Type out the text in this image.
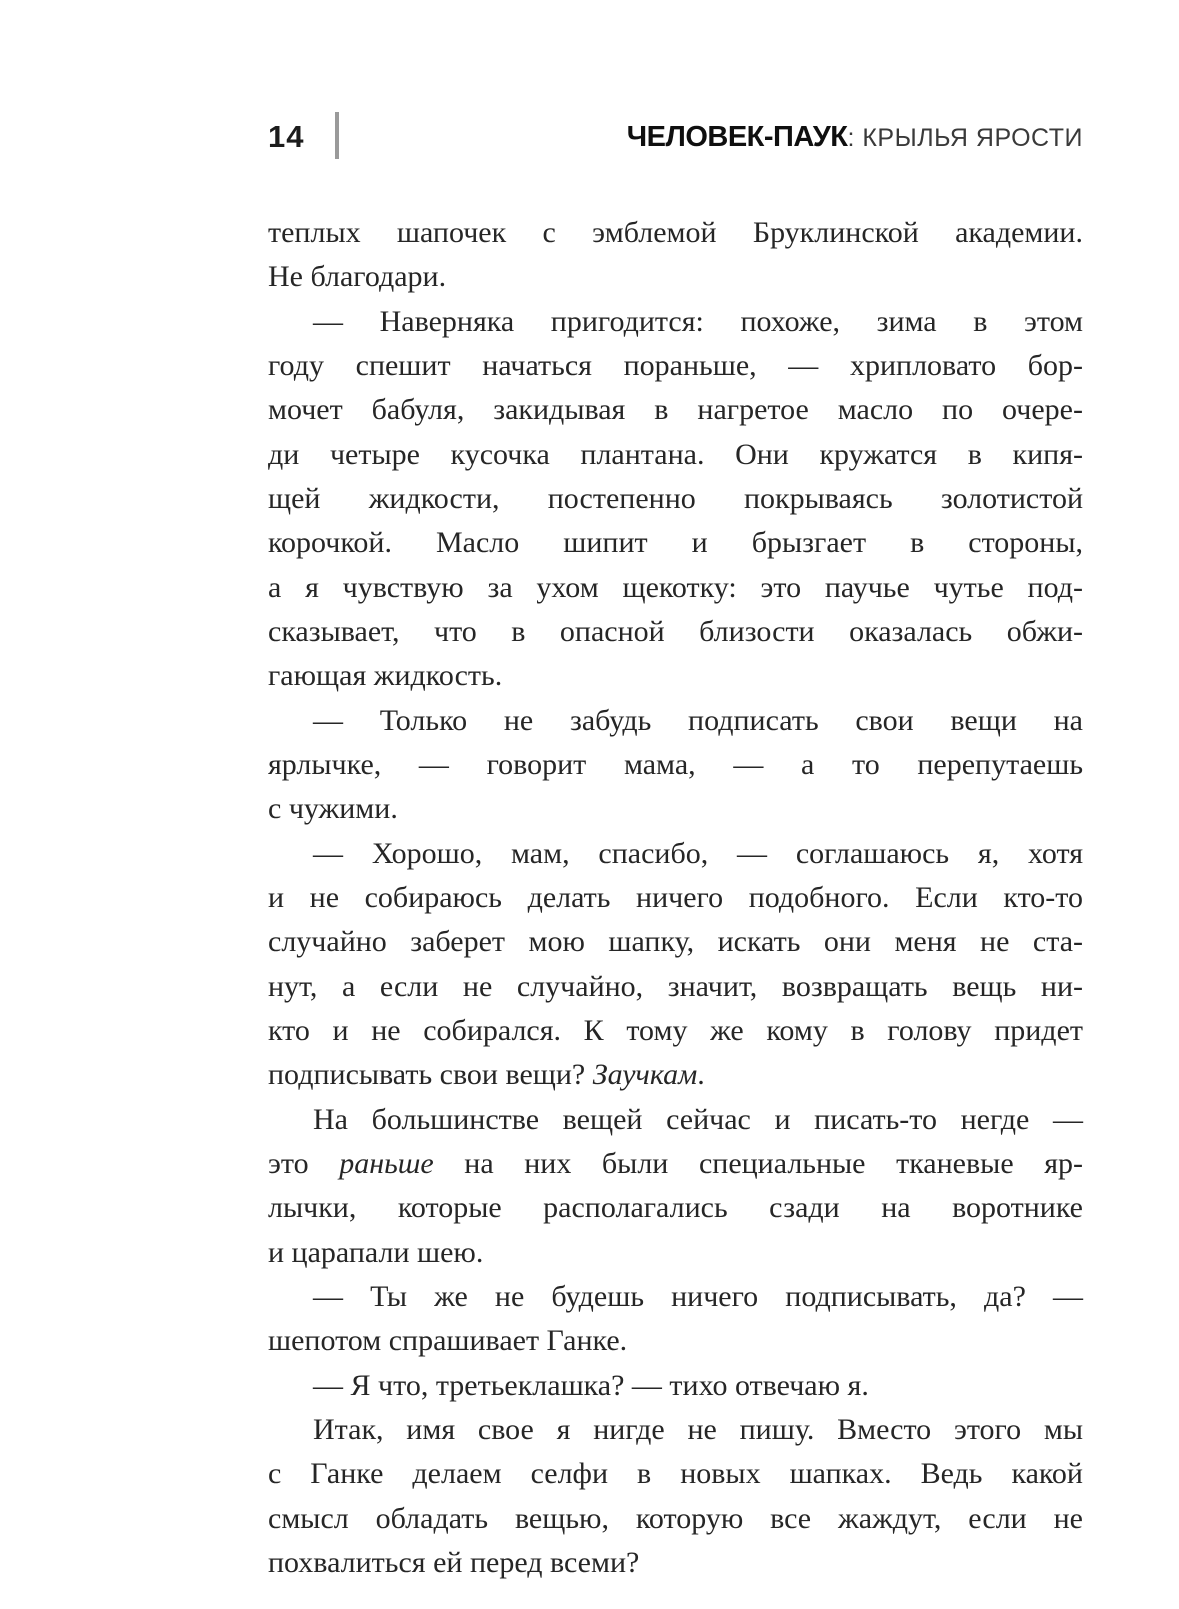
14	ЧЕЛОВЕК-ПАУК: КРЫЛЬЯ ЯРОСТИ
теплых шапочек с эмблемой Бруклинской академии.
Не благодари.
— Наверняка пригодится: похоже, зима в этом
году спешит начаться пораньше, — хрипловато бор-
мочет бабуля, закидывая в нагретое масло по очере-
ди четыре кусочка плантана. Они кружатся в кипя-
щей жидкости, постепенно покрываясь золотистой
корочкой. Масло шипит и брызгает в стороны,
а я чувствую за ухом щекотку: это паучье чутье под-
сказывает, что в опасной близости оказалась обжи-
гающая жидкость.
— Только не забудь подписать свои вещи на
ярлычке, — говорит мама, — а то перепутаешь
с чужими.
— Хорошо, мам, спасибо, — соглашаюсь я, хотя
и не собираюсь делать ничего подобного. Если кто-то
случайно заберет мою шапку, искать они меня не ста-
нут, а если не случайно, значит, возвращать вещь ни-
кто и не собирался. К тому же кому в голову придет
подписывать свои вещи? Заучкам.
На большинстве вещей сейчас и писать-то негде —
это раньше на них были специальные тканевые яр-
лычки, которые располагались сзади на воротнике
и царапали шею.
— Ты же не будешь ничего подписывать, да? —
шепотом спрашивает Ганке.
— Я что, третьеклашка? — тихо отвечаю я.
Итак, имя свое я нигде не пишу. Вместо этого мы
с Ганке делаем селфи в новых шапках. Ведь какой
смысл обладать вещью, которую все жаждут, если не
похвалиться ей перед всеми?
